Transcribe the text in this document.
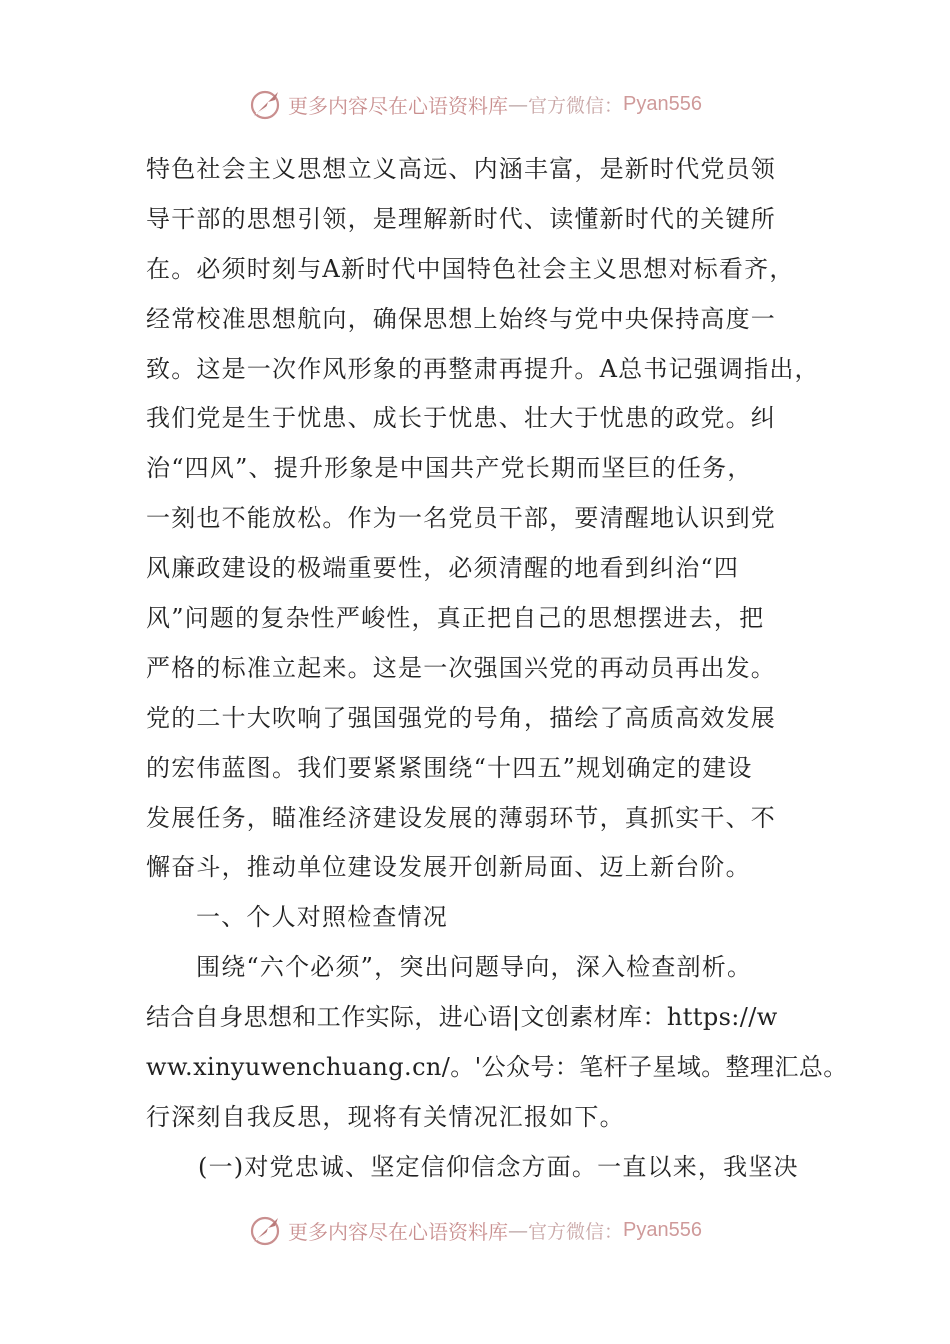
更多内容尽在心语资料库 — 官方微信： Pyan556
特色社会主义思想立义高远、内涵丰富，是新时代党员领
导干部的思想引领，是理解新时代、读懂新时代的关键所
在。必须时刻与A新时代中国特色社会主义思想对标看齐，
经常校准思想航向，确保思想上始终与党中央保持高度一
致。这是一次作风形象的再整肃再提升。A总书记强调指出，
我们党是生于忧患、成长于忧患、壮大于忧患的政党。纠
治“四风”、提升形象是中国共产党长期而坚巨的任务，
一刻也不能放松。作为一名党员干部，要清醒地认识到党
风廉政建设的极端重要性，必须清醒的地看到纠治“四
风”问题的复杂性严峻性，真正把自己的思想摆进去，把
严格的标准立起来。这是一次强国兴党的再动员再出发。
党的二十大吹响了强国强党的号角，描绘了高质高效发展
的宏伟蓝图。我们要紧紧围绕“十四五”规划确定的建设
发展任务，瞄准经济建设发展的薄弱环节，真抓实干、不
懈奋斗，推动单位建设发展开创新局面、迈上新台阶。
一、个人对照检查情况
围绕“六个必须”，突出问题导向，深入检查剖析。
结合自身思想和工作实际，进心语|文创素材库：https://w
ww.xinyuwenchuang.cn/。'公众号：笔杆子星域。整理汇总。
行深刻自我反思，现将有关情况汇报如下。
(一)对党忠诚、坚定信仰信念方面。一直以来，我坚决
更多内容尽在心语资料库 — 官方微信： Pyan556
